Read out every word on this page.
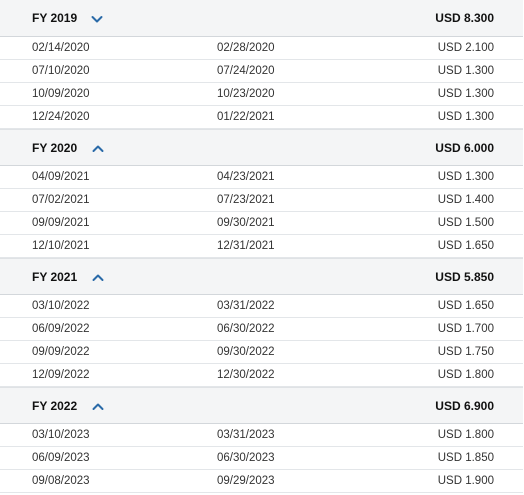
FY 2019	USD 8.300
02/14/2020	02/28/2020	USD 2.100
07/10/2020	07/24/2020	USD 1.300
10/09/2020	10/23/2020	USD 1.300
12/24/2020	01/22/2021	USD 1.300
FY 2020	USD 6.000
04/09/2021	04/23/2021	USD 1.300
07/02/2021	07/23/2021	USD 1.400
09/09/2021	09/30/2021	USD 1.500
12/10/2021	12/31/2021	USD 1.650
FY 2021	USD 5.850
03/10/2022	03/31/2022	USD 1.650
06/09/2022	06/30/2022	USD 1.700
09/09/2022	09/30/2022	USD 1.750
12/09/2022	12/30/2022	USD 1.800
FY 2022	USD 6.900
03/10/2023	03/31/2023	USD 1.800
06/09/2023	06/30/2023	USD 1.850
09/08/2023	09/29/2023	USD 1.900
